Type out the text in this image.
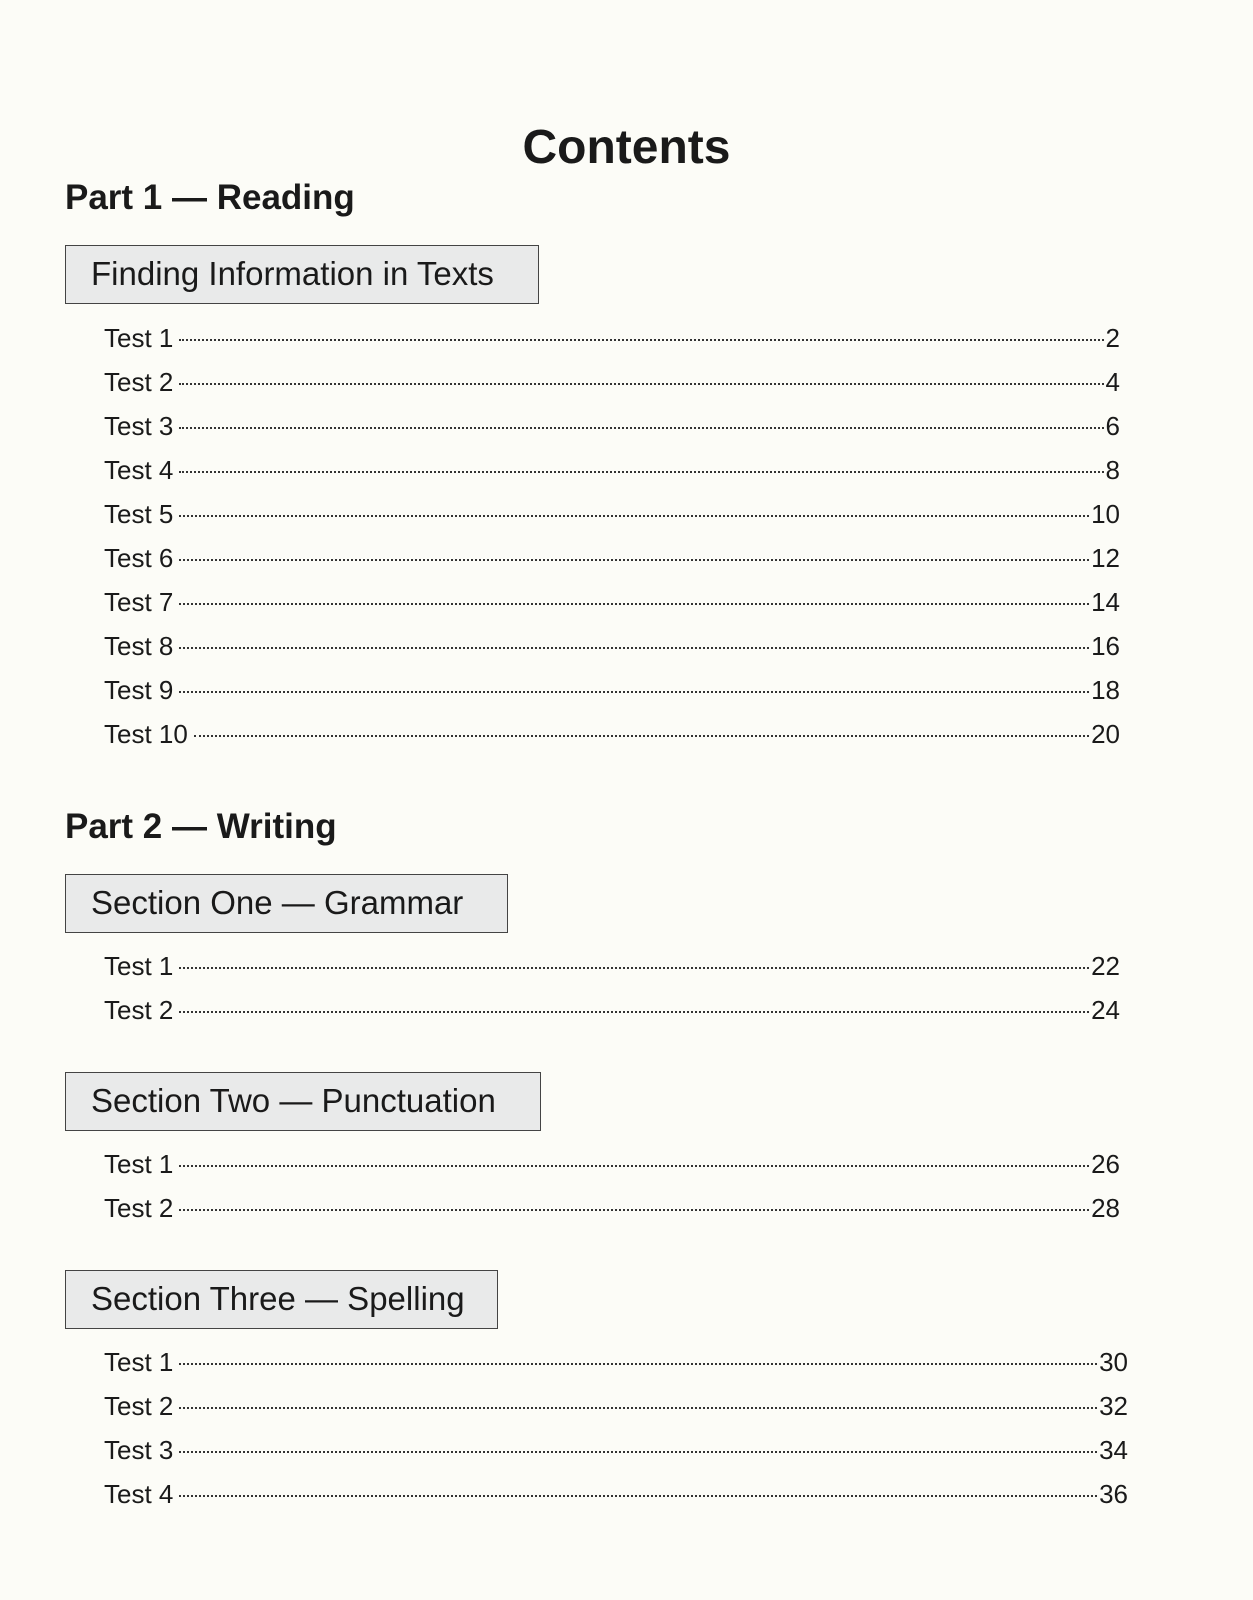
Contents
Part 1 — Reading
Finding Information in Texts
Test 1	2
Test 2	4
Test 3	6
Test 4	8
Test 5	10
Test 6	12
Test 7	14
Test 8	16
Test 9	18
Test 10	20
Part 2 — Writing
Section One — Grammar
Test 1	22
Test 2	24
Section Two — Punctuation
Test 1	26
Test 2	28
Section Three — Spelling
Test 1	30
Test 2	32
Test 3	34
Test 4	36
